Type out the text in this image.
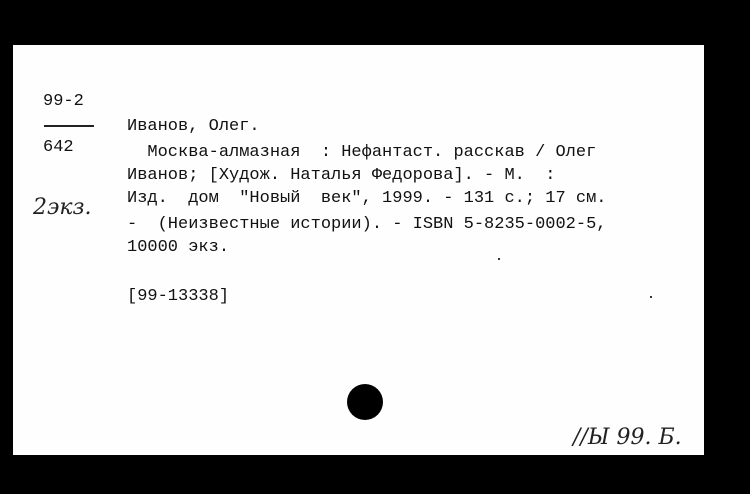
99-2
642
2экз.
Иванов, Олег.
Москва-алмазная  : Нефантаст. расскав / Олег
Иванов; [Худож. Наталья Федорова]. - М.  :
Изд.  дом  "Новый  век", 1999. - 131 с.; 17 см.
-  (Неизвестные истории). - ISBN 5-8235-0002-5,
10000 экз.
[99-13338]
//Ы 99. Б.
